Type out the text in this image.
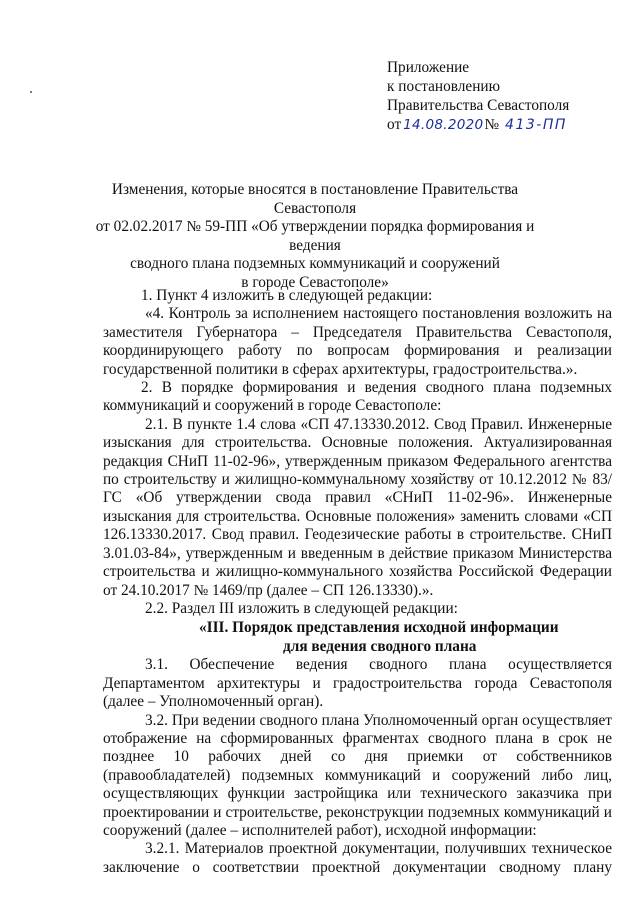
Приложение
к постановлению
Правительства Севастополя
от 14.08.2020 № 413-ПП
Изменения, которые вносятся в постановление Правительства Севастополя
от 02.02.2017 № 59-ПП «Об утверждении порядка формирования и ведения
сводного плана подземных коммуникаций и сооружений
в городе Севастополе»

1. Пункт 4 изложить в следующей редакции:

«4. Контроль за исполнением настоящего постановления возложить на заместителя Губернатора – Председателя Правительства Севастополя, координирующего работу по вопросам формирования и реализации государственной политики в сферах архитектуры, градостроительства.».

2. В порядке формирования и ведения сводного плана подземных коммуникаций и сооружений в городе Севастополе:

2.1. В пункте 1.4 слова «СП 47.13330.2012. Свод Правил. Инженерные изыскания для строительства. Основные положения. Актуализированная редакция СНиП 11-02-96», утвержденным приказом Федерального агентства по строительству и жилищно-коммунальному хозяйству от 10.12.2012 № 83/ГС «Об утверждении свода правил «СНиП 11-02-96». Инженерные изыскания для строительства. Основные положения» заменить словами «СП 126.13330.2017. Свод правил. Геодезические работы в строительстве. СНиП 3.01.03-84», утвержденным и введенным в действие приказом Министерства строительства и жилищно-коммунального хозяйства Российской Федерации от 24.10.2017 № 1469/пр (далее – СП 126.13330).».

2.2. Раздел III изложить в следующей редакции:

«III. Порядок представления исходной информации

для ведения сводного плана

3.1. Обеспечение ведения сводного плана осуществляется Департаментом архитектуры и градостроительства города Севастополя (далее – Уполномоченный орган).

3.2. При ведении сводного плана Уполномоченный орган осуществляет отображение на сформированных фрагментах сводного плана в срок не позднее 10 рабочих дней со дня приемки от собственников (правообладателей) подземных коммуникаций и сооружений либо лиц, осуществляющих функции застройщика или технического заказчика при проектировании и строительстве, реконструкции подземных коммуникаций и сооружений (далее – исполнителей работ), исходной информации:

3.2.1. Материалов проектной документации, получивших техническое заключение о соответствии проектной документации сводному плану
